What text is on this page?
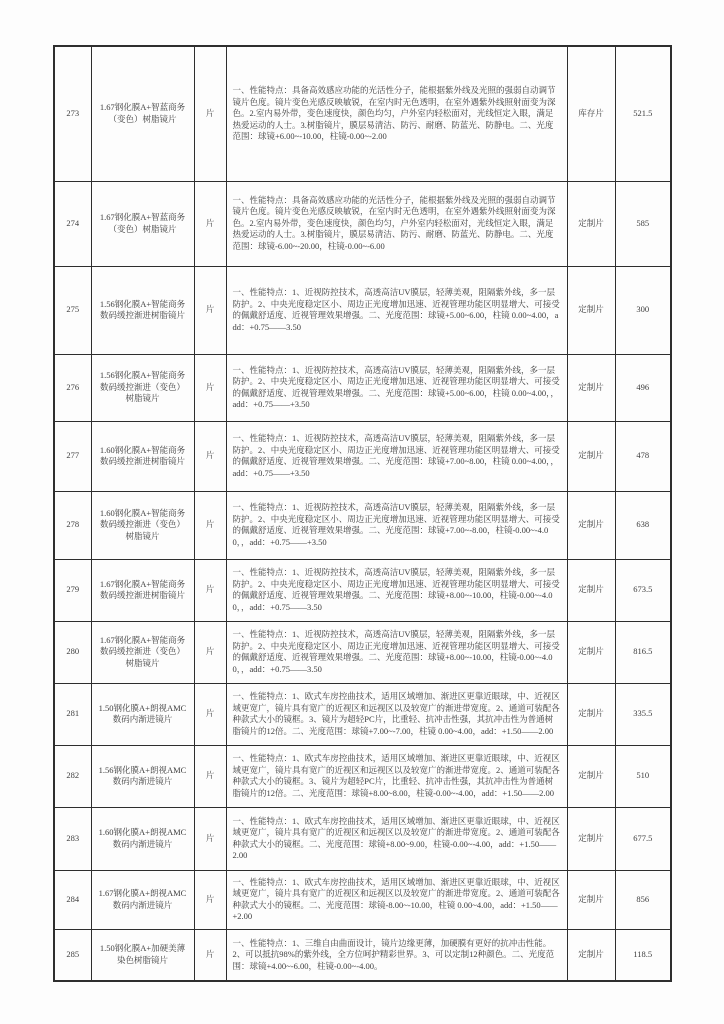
273	1.67钢化膜A+智蓝商务（变色）树脂镜片	片	一、性能特点：具备高效感应功能的光活性分子，能根据紫外线及光照的强弱自动调节镜片色度。镜片变色光感反映敏锐，在室内时无色透明，在室外遇紫外线照射面变为深色。2.室内易外带，变色速度快，颜色均匀，户外室内轻松面对，光线恒定入眼，满足热爱运动的人士。3.树脂镜片，膜层易清洁、防污、耐磨、防蓝光、防静电。二、光度范围：球镜+6.00~-10.00，柱镜-0.00~-2.00	库存片	521.5
274	1.67钢化膜A+智蓝商务（变色）树脂镜片	片	一、性能特点：具备高效感应功能的光活性分子，能根据紫外线及光照的强弱自动调节镜片色度。镜片变色光感反映敏锐，在室内时无色透明，在室外遇紫外线照射面变为深色。2.室内易外带，变色速度快，颜色均匀，户外室内轻松面对，光线恒定入眼，满足热爱运动的人士。3.树脂镜片，膜层易清洁、防污、耐磨、防蓝光、防静电。二、光度范围：球镜-6.00~-20.00，柱镜-0.00~-6.00	定制片	585
275	1.56钢化膜A+智能商务数码缓控渐进树脂镜片	片	一、性能特点：1、近视防控技术，高透高洁UV膜层，轻薄美观，阻隔紫外线，多一层防护。2、中央光度稳定区小、周边正光度增加迅速、近视管理功能区明显增大、可接受的佩戴舒适度、近视管理效果增强。二、光度范围：球镜+5.00~6.00，柱镜 0.00~4.00，add：+0.75——3.50	定制片	300
276	1.56钢化膜A+智能商务数码缓控渐进（变色）树脂镜片	片	一、性能特点：1、近视防控技术，高透高洁UV膜层，轻薄美观，阻隔紫外线，多一层防护。2、中央光度稳定区小、周边正光度增加迅速、近视管理功能区明显增大、可接受的佩戴舒适度、近视管理效果增强。二、光度范围：球镜+5.00~6.00，柱镜 0.00~4.00，，add：+0.75——+3.50	定制片	496
277	1.60钢化膜A+智能商务数码缓控渐进树脂镜片	片	一、性能特点：1、近视防控技术，高透高洁UV膜层，轻薄美观，阻隔紫外线，多一层防护。2、中央光度稳定区小、周边正光度增加迅速、近视管理功能区明显增大、可接受的佩戴舒适度、近视管理效果增强。二、光度范围：球镜+7.00~8.00，柱镜 0.00~4.00，，add：+0.75——+3.50	定制片	478
278	1.60钢化膜A+智能商务数码缓控渐进（变色）树脂镜片	片	一、性能特点：1、近视防控技术，高透高洁UV膜层，轻薄美观，阻隔紫外线，多一层防护。2、中央光度稳定区小、周边正光度增加迅速、近视管理功能区明显增大、可接受的佩戴舒适度、近视管理效果增强。二、光度范围：球镜+7.00~-8.00，柱镜-0.00~-4.00，，add：+0.75——+3.50	定制片	638
279	1.67钢化膜A+智能商务数码缓控渐进树脂镜片	片	一、性能特点：1、近视防控技术，高透高洁UV膜层，轻薄美观，阻隔紫外线，多一层防护。2、中央光度稳定区小、周边正光度增加迅速、近视管理功能区明显增大、可接受的佩戴舒适度、近视管理效果增强。二、光度范围：球镜+8.00~-10.00，柱镜-0.00~-4.00，，add：+0.75——3.50	定制片	673.5
280	1.67钢化膜A+智能商务数码缓控渐进（变色）树脂镜片	片	一、性能特点：1、近视防控技术，高透高洁UV膜层，轻薄美观，阻隔紫外线，多一层防护。2、中央光度稳定区小、周边正光度增加迅速、近视管理功能区明显增大、可接受的佩戴舒适度、近视管理效果增强。二、光度范围：球镜+8.00~-10.00，柱镜-0.00~-4.00，，add：+0.75——3.50	定制片	816.5
281	1.50钢化膜A+朗视AMC数码内渐进镜片	片	一、性能特点：1、欧式车房控曲技术，适用区域增加、渐进区更靠近眼球，中、近视区域更宽广，镜片具有宽广的近视区和远视区以及较宽广的渐进带宽度。2、通道可装配各种款式大小的镜框。3、镜片为超轻PC片，比重轻、抗冲击性强，其抗冲击性为普通树脂镜片的12倍。二、光度范围：球镜+7.00~-7.00，柱镜 0.00~4.00，add：+1.50——2.00	定制片	335.5
282	1.56钢化膜A+朗视AMC数码内渐进镜片	片	一、性能特点：1、欧式车房控曲技术，适用区域增加、渐进区更靠近眼球，中、近视区域更宽广，镜片具有宽广的近视区和远视区以及较宽广的渐进带宽度。2、通道可装配各种款式大小的镜框。3、镜片为超轻PC片，比重轻、抗冲击性强，其抗冲击性为普通树脂镜片的12倍。二、光度范围：球镜+8.00~8.00，柱镜-0.00~-4.00，add：+1.50——2.00	定制片	510
283	1.60钢化膜A+朗视AMC数码内渐进镜片	片	一、性能特点：1、欧式车房控曲技术，适用区域增加、渐进区更靠近眼球，中、近视区域更宽广，镜片具有宽广的近视区和远视区以及较宽广的渐进带宽度。2、通道可装配各种款式大小的镜框。二、光度范围：球镜+8.00~9.00，柱镜-0.00~-4.00，add：+1.50——2.00	定制片	677.5
284	1.67钢化膜A+朗视AMC数码内渐进镜片	片	一、性能特点：1、欧式车房控曲技术，适用区域增加、渐进区更靠近眼球，中、近视区域更宽广，镜片具有宽广的近视区和远视区以及较宽广的渐进带宽度。2、通道可装配各种款式大小的镜框。二、光度范围：球镜-8.00~-10.00，柱镜 0.00~4.00，add：+1.50——+2.00	定制片	856
285	1.50钢化膜A+加硬美薄染色树脂镜片	片	一、性能特点：1、三维自由曲面设计，镜片边缘更薄，加硬膜有更好的抗冲击性能。2、可以抵抗98%的紫外线，全方位呵护精彩世界。3、可以定制12种颜色。二、光度范围：球镜+4.00~-6.00，柱镜-0.00~-4.00。	定制片	118.5
